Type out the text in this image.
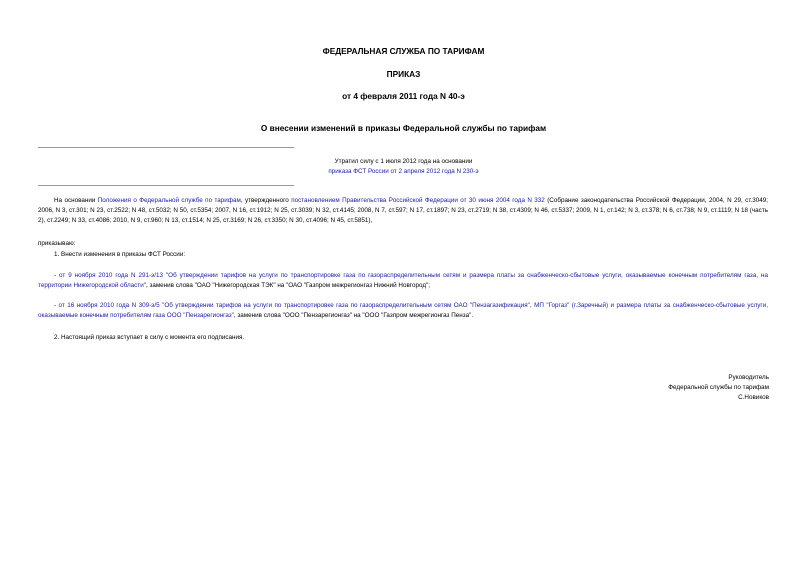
ФЕДЕРАЛЬНАЯ СЛУЖБА ПО ТАРИФАМ
ПРИКАЗ
от 4 февраля 2011 года N 40-э
О внесении изменений в приказы Федеральной службы по тарифам
Утратил силу с 1 июля 2012 года на основании
приказа ФСТ России от 2 апреля 2012 года N 230-э
На основании Положения о Федеральной службе по тарифам, утвержденного постановлением Правительства Российской Федерации от 30 июня 2004 года N 332 (Собрание законодательства Российской Федерации, 2004, N 29, ст.3049; 2006, N 3, ст.301; N 23, ст.2522; N 48, ст.5032; N 50, ст.5354; 2007, N 16, ст.1912; N 25, ст.3039; N 32, ст.4145; 2008, N 7, ст.597; N 17, ст.1897; N 23, ст.2719; N 38, ст.4309; N 46, ст.5337; 2009, N 1, ст.142; N 3, ст.378; N 6, ст.738; N 9, ст.1119; N 18 (часть 2), ст.2249; N 33, ст.4086; 2010, N 9, ст.960; N 13, ст.1514; N 25, ст.3169; N 26, ст.3350; N 30, ст.4096; N 45, ст.5851),
приказываю:
1. Внести изменения в приказы ФСТ России:
- от 9 ноября 2010 года N 291-э/13 "Об утверждении тарифов на услуги по транспортировке газа по газораспределительным сетям и размера платы за снабженческо-сбытовые услуги, оказываемые конечным потребителям газа, на территории Нижегородской области", заменив слова "ОАО "Нижегородская ТЭК" на "ОАО "Газпром межрегионгаз Нижний Новгород";
- от 16 ноября 2010 года N 309-э/5 "Об утверждении тарифов на услуги по транспортировке газа по газораспределительным сетям ОАО "Пензагазификация", МП "Горгаз" (г.Заречный) и размера платы за снабженческо-сбытовые услуги, оказываемые конечным потребителям газа ООО "Пензарегионгаз", заменив слова "ООО "Пензарегионгаз" на "ООО "Газпром межрегионгаз Пенза".
2. Настоящий приказ вступает в силу с момента его подписания.
Руководитель
Федеральной службы по тарифам
С.Новиков
